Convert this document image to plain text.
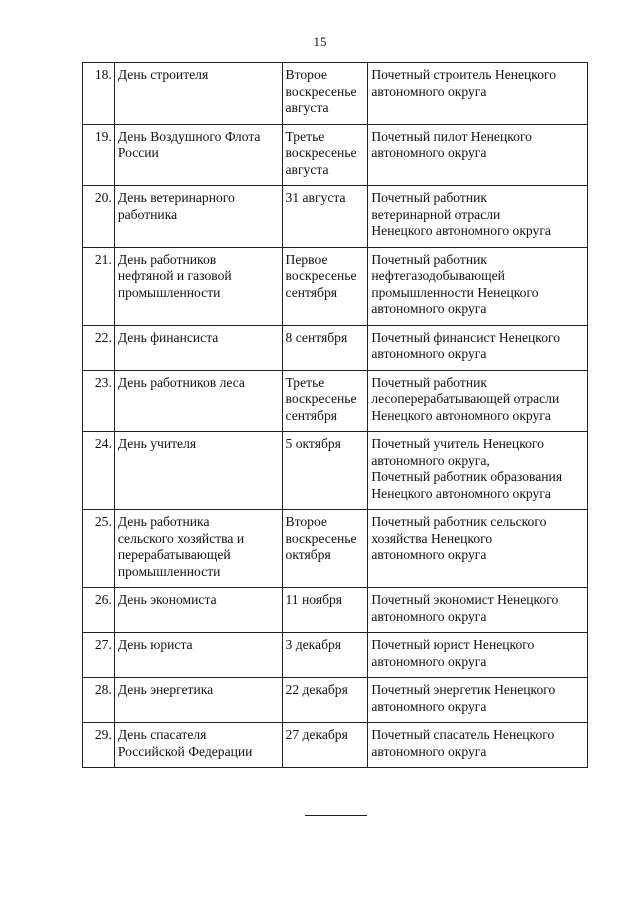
15
18.	День строителя	Второе
воскресенье
августа	Почетный строитель Ненецкого
автономного округа

19.	День Воздушного Флота
России	Третье
воскресенье
августа	Почетный пилот Ненецкого
автономного округа

20.	День ветеринарного
работника	31 августа	Почетный работник
ветеринарной отрасли
Ненецкого автономного округа

21.	День работников
нефтяной и газовой
промышленности	Первое
воскресенье
сентября	Почетный работник
нефтегазодобывающей
промышленности Ненецкого
автономного округа

22.	День финансиста	8 сентября	Почетный финансист Ненецкого
автономного округа

23.	День работников леса	Третье
воскресенье
сентября	Почетный работник
лесоперерабатывающей отрасли
Ненецкого автономного округа

24.	День учителя	5 октября	Почетный учитель Ненецкого
автономного округа,
Почетный работник образования
Ненецкого автономного округа

25.	День работника
сельского хозяйства и
перерабатывающей
промышленности	Второе
воскресенье
октября	Почетный работник сельского
хозяйства Ненецкого
автономного округа

26.	День экономиста	11 ноября	Почетный экономист Ненецкого
автономного округа

27.	День юриста	3 декабря	Почетный юрист Ненецкого
автономного округа

28.	День энергетика	22 декабря	Почетный энергетик Ненецкого
автономного округа

29.	День спасателя
Российской Федерации	27 декабря	Почетный спасатель Ненецкого
автономного округа
